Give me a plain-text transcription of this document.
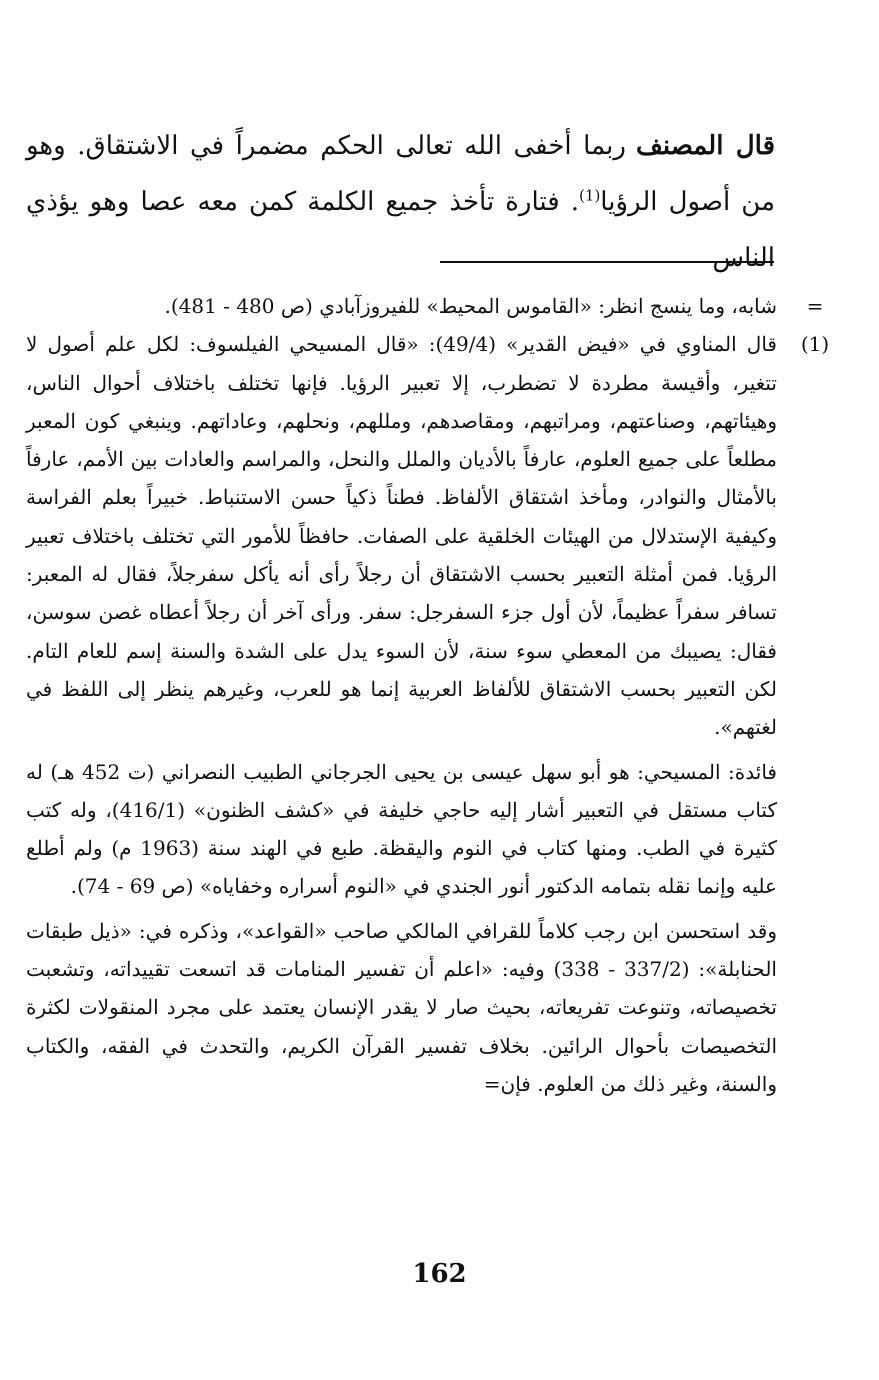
قال المصنفربما أخفى الله تعالى الحكم مضمراً في الاشتقاق. وهو من أصول الرؤيا$^{(1)}$. فتارة تأخذ جميع الكلمة كمن معه عصا وهو يؤذي الناس
=

شابه، وما ينسج انظر: «القاموس المحيط» للفيروزآبادي (ص 480 - 481).

(1)

قال المناوي في «فيض القدير» (49/4): «قال المسيحي الفيلسوف: لكل علم أصول لا تتغير، وأقيسة مطردة لا تضطرب، إلا تعبير الرؤيا. فإنها تختلف باختلاف أحوال الناس، وهيئاتهم، وصناعتهم، ومراتبهم، ومقاصدهم، ومللهم، ونحلهم، وعاداتهم. وينبغي كون المعبر مطلعاً على جميع العلوم، عارفاً بالأديان والملل والنحل، والمراسم والعادات بين الأمم، عارفاً بالأمثال والنوادر، ومأخذ اشتقاق الألفاظ. فطناً ذكياً حسن الاستنباط. خبيراً بعلم الفراسة وكيفية الإستدلال من الهيئات الخلقية على الصفات. حافظاً للأمور التي تختلف باختلاف تعبير الرؤيا. فمن أمثلة التعبير بحسب الاشتقاق أن رجلاً رأى أنه يأكل سفرجلاً، فقال له المعبر: تسافر سفراً عظيماً، لأن أول جزء السفرجل: سفر. ورأى آخر أن رجلاً أعطاه غصن سوسن، فقال: يصيبك من المعطي سوء سنة، لأن السوء يدل على الشدة والسنة إسم للعام التام. لكن التعبير بحسب الاشتقاق للألفاظ العربية إنما هو للعرب، وغيرهم ينظر إلى اللفظ في لغتهم».

فائدة: المسيحي: هو أبو سهل عيسى بن يحيى الجرجاني الطبيب النصراني (ت 452 هـ) له كتاب مستقل في التعبير أشار إليه حاجي خليفة في «كشف الظنون» (416/1)، وله كتب كثيرة في الطب. ومنها كتاب في النوم واليقظة. طبع في الهند سنة (1963 م) ولم أطلع عليه وإنما نقله بتمامه الدكتور أنور الجندي في «النوم أسراره وخفاياه» (ص 69 - 74).

وقد استحسن ابن رجب كلاماً للقرافي المالكي صاحب «القواعد»، وذكره في: «ذيل طبقات الحنابلة»: (337/2 - 338) وفيه: «اعلم أن تفسير المنامات قد اتسعت تقييداته، وتشعبت تخصيصاته، وتنوعت تفريعاته، بحيث صار لا يقدر الإنسان يعتمد على مجرد المنقولات لكثرة التخصيصات بأحوال الرائين. بخلاف تفسير القرآن الكريم، والتحدث في الفقه، والكتاب والسنة، وغير ذلك من العلوم. فإن=

162
